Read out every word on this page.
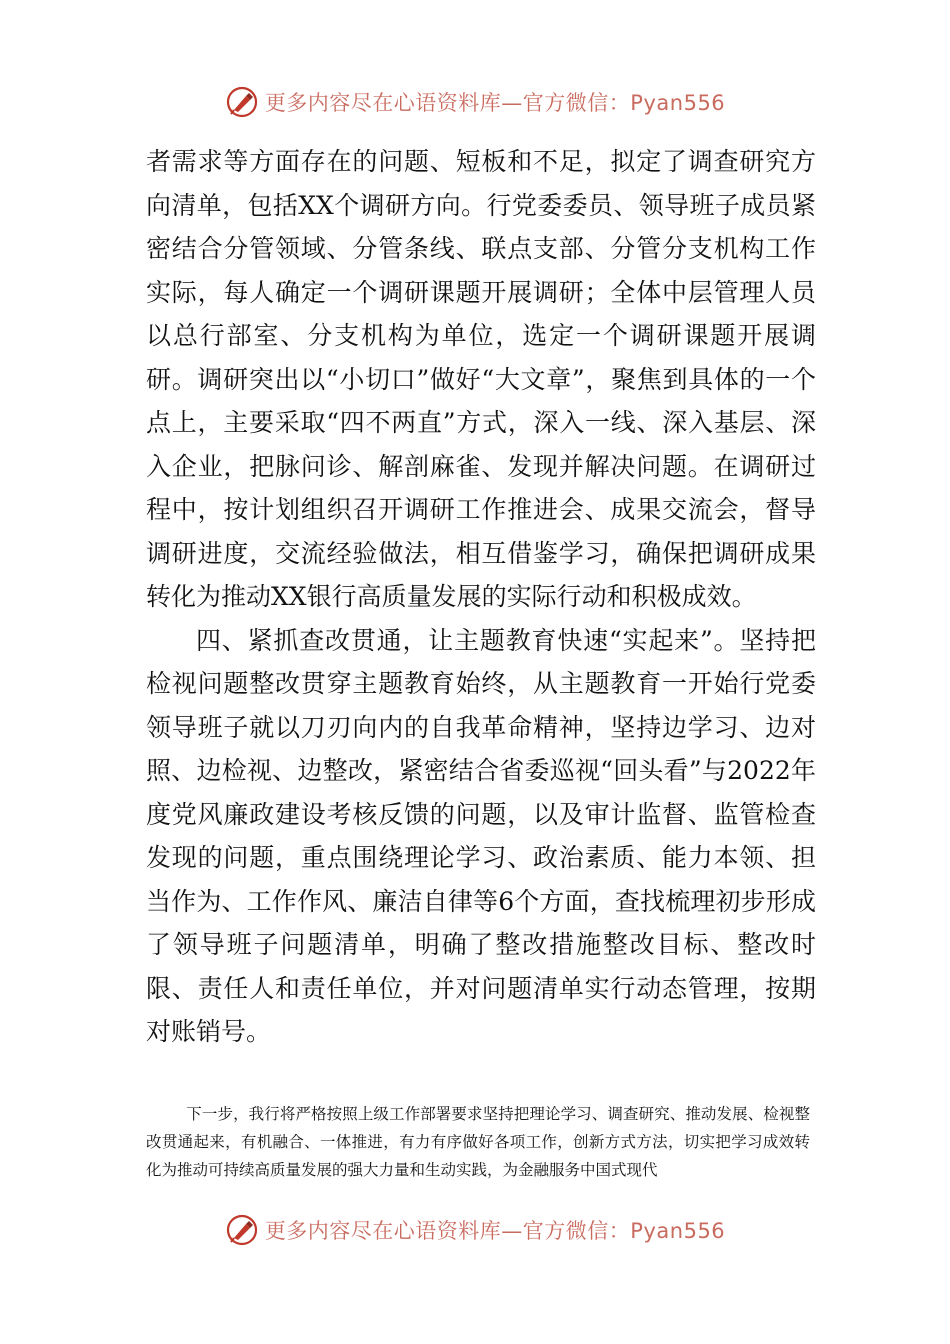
更多内容尽在心语资料库—官方微信：Pyan556

者需求等方面存在的问题、短板和不足，拟定了调查研究方向清单，包括XX个调研方向。行党委委员、领导班子成员紧密结合分管领域、分管条线、联点支部、分管分支机构工作实际，每人确定一个调研课题开展调研；全体中层管理人员以总行部室、分支机构为单位，选定一个调研课题开展调研。调研突出以“小切口”做好“大文章”，聚焦到具体的一个点上，主要采取“四不两直”方式，深入一线、深入基层、深入企业，把脉问诊、解剖麻雀、发现并解决问题。在调研过程中，按计划组织召开调研工作推进会、成果交流会，督导调研进度，交流经验做法，相互借鉴学习，确保把调研成果转化为推动XX银行高质量发展的实际行动和积极成效。

四、紧抓查改贯通，让主题教育快速“实起来”。坚持把检视问题整改贯穿主题教育始终，从主题教育一开始行党委领导班子就以刀刃向内的自我革命精神，坚持边学习、边对照、边检视、边整改，紧密结合省委巡视“回头看”与2022年度党风廉政建设考核反馈的问题，以及审计监督、监管检查发现的问题，重点围绕理论学习、政治素质、能力本领、担当作为、工作作风、廉洁自律等6个方面，查找梳理初步形成了领导班子问题清单，明确了整改措施整改目标、整改时限、责任人和责任单位，并对问题清单实行动态管理，按期对账销号。

下一步，我行将严格按照上级工作部署要求坚持把理论学习、调查研究、推动发展、检视整改贯通起来，有机融合、一体推进，有力有序做好各项工作，创新方式方法，切实把学习成效转化为推动可持续高质量发展的强大力量和生动实践，为金融服务中国式现代

更多内容尽在心语资料库—官方微信：Pyan556
